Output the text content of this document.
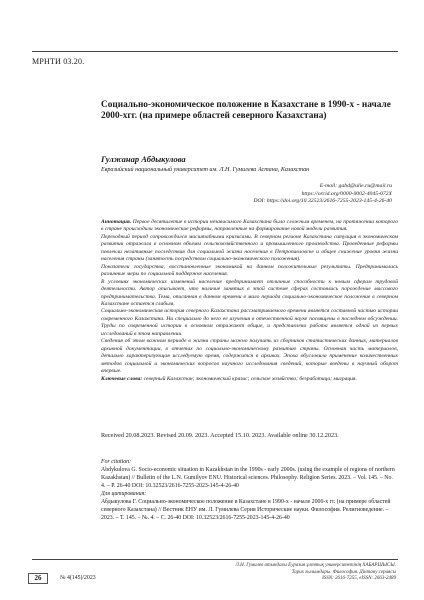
МРНТИ 03.20.
Социально-экономическое положение в Казахстане в 1990-х - начале 2000-хгг. (на примере областей северного Казахстана)
Гулжанар Абдыкулова
Евразийский национальный университет им. Л.Н. Гумилева Астана, Казахстан
E-mail: gabd@ulie.ru@mail.ru
https://orcid.org/0000-0002-4045-072X
DOI: https://doi.org/10.32523/2616-7255-2023-145-4-26-40

Аннотация. Первое десятилетие в истории независимого Казахстана было сложным временем, на протяжении которого в стране происходили экономические реформы, направленные на формирование новой модели развития.

Переходный период сопровождался масштабными кризисами. В северном регионе Казахстана ситуация в экономическом развитии отражала в основном объемы сельскохозяйственного и промышленного производства. Проведенные реформы повлекли негативные последствия для социальной жизни населения в Петропавловске и общее снижение уровня жизни населения страны (занятость посредством социально-экономического положения).

Показатели государства, восстановленные экономикой на данном положительные результаты. Предпринимались различные меры по социальной поддержке населения.

В условиях экономических изменений население предпринимает отличные способности к новым сферам трудовой деятельности. Автор описывает, что наличие занятых в этой системе сферах состоялись порождение массового предпринимательства. Тема, описанная в данном времени в мало периода социально-экономическое положение в северном Казахстане остается слабым.

Социально-экономическая история северного Казахстана рассматриваемого времени является составной частью истории современного Казахстана. Ни специально до него ее изучения в отечественной науке посвящены в последнем обсуждении. Труды по современной истории в основном отражают общие, и представлена работа является одной из первых исследований в этом направлении.

Сведения об этом важном периоде в жизни страны можно получить из сборников статистических данных, материалов архивной документации, в отчетах по социально-экономическому развитию страны. Основная часть материалов, детально характеризующая исследуемую время, содержится в архивах. Эпоха обусловила применение количественных методов социальной и экономических вопросов научного исследования сведений, которые введены в научный оборот впервые.

Ключевые слова: северный Казахстан; экономический кризис; сельское хозяйство; безработица; миграция.

Received 20.08.2023. Revised 20.09. 2023. Accepted 15.10. 2023. Available online 30.12.2023.

For citation:

Abdykulova G. Socio-economic situation in Kazakhstan in the 1990s - early 2000s. (using the example of regions of northern Kazakhstan) // Bulletin of the L.N. Gumilyov ENU. Historical sciences. Philosophy. Religion Series. 2023. – Vol. 145. – No. 4. – P. 26-40 DOI: 10.32523/2616-7255-2023-145-4-26-40

Для цитирования:

Абдыкулова Г. Социально-экономическое положение в Казахстане в 1990-х - начале 2000-х гг. (на примере областей северного Казахстана) // Вестник ЕНУ им. Л. Гумилева Серия Исторические науки. Философия. Религиоведение. – 2023. – Т. 145. – №. 4. – С. 26-40 DOI: 10.32523/2616-7255-2023-145-4-26-40

26	№ 4(145)/2023
Л.Н. Гумилев атындағы Еуразия ұлттық университетінің ХАБАРШЫСЫ.
Тарих ғылымдары. Философия. Дінтану сериясы
ISSN: 2616-7255, eISSN: 2663-2489
